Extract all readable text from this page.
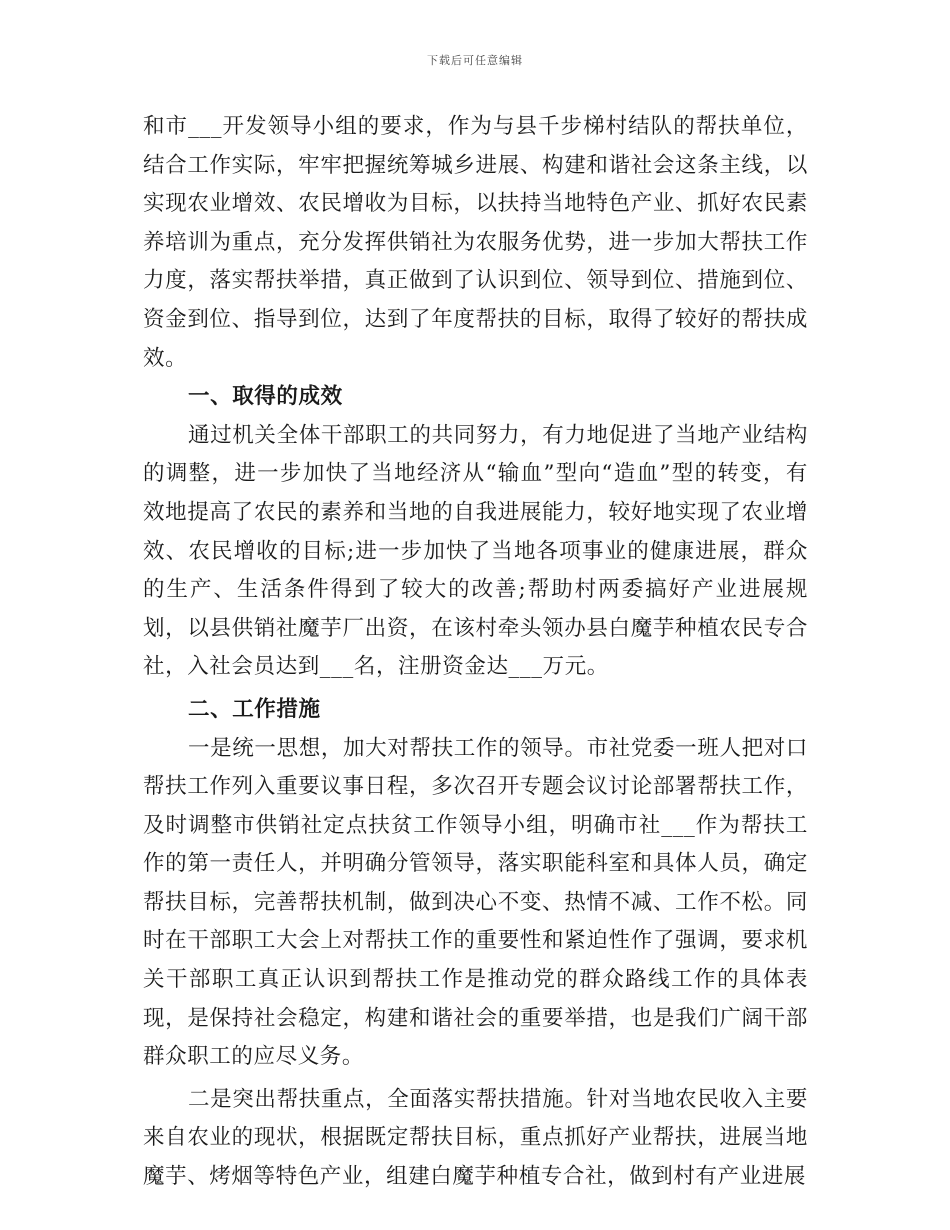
下载后可任意编辑

和市___开发领导小组的要求，作为与县千步梯村结队的帮扶单位，结合工作实际，牢牢把握统筹城乡进展、构建和谐社会这条主线，以实现农业增效、农民增收为目标，以扶持当地特色产业、抓好农民素养培训为重点，充分发挥供销社为农服务优势，进一步加大帮扶工作力度，落实帮扶举措，真正做到了认识到位、领导到位、措施到位、资金到位、指导到位，达到了年度帮扶的目标，取得了较好的帮扶成效。

一、取得的成效

通过机关全体干部职工的共同努力，有力地促进了当地产业结构的调整，进一步加快了当地经济从“输血”型向“造血”型的转变，有效地提高了农民的素养和当地的自我进展能力，较好地实现了农业增效、农民增收的目标;进一步加快了当地各项事业的健康进展，群众的生产、生活条件得到了较大的改善;帮助村两委搞好产业进展规划，以县供销社魔芋厂出资，在该村牵头领办县白魔芋种植农民专合社，入社会员达到___名，注册资金达___万元。

二、工作措施

一是统一思想，加大对帮扶工作的领导。市社党委一班人把对口帮扶工作列入重要议事日程，多次召开专题会议讨论部署帮扶工作，及时调整市供销社定点扶贫工作领导小组，明确市社___作为帮扶工作的第一责任人，并明确分管领导，落实职能科室和具体人员，确定帮扶目标，完善帮扶机制，做到决心不变、热情不减、工作不松。同时在干部职工大会上对帮扶工作的重要性和紧迫性作了强调，要求机关干部职工真正认识到帮扶工作是推动党的群众路线工作的具体表现，是保持社会稳定，构建和谐社会的重要举措，也是我们广阔干部群众职工的应尽义务。

二是突出帮扶重点，全面落实帮扶措施。针对当地农民收入主要来自农业的现状，根据既定帮扶目标，重点抓好产业帮扶，进展当地魔芋、烤烟等特色产业，组建白魔芋种植专合社，做到村有产业进展
